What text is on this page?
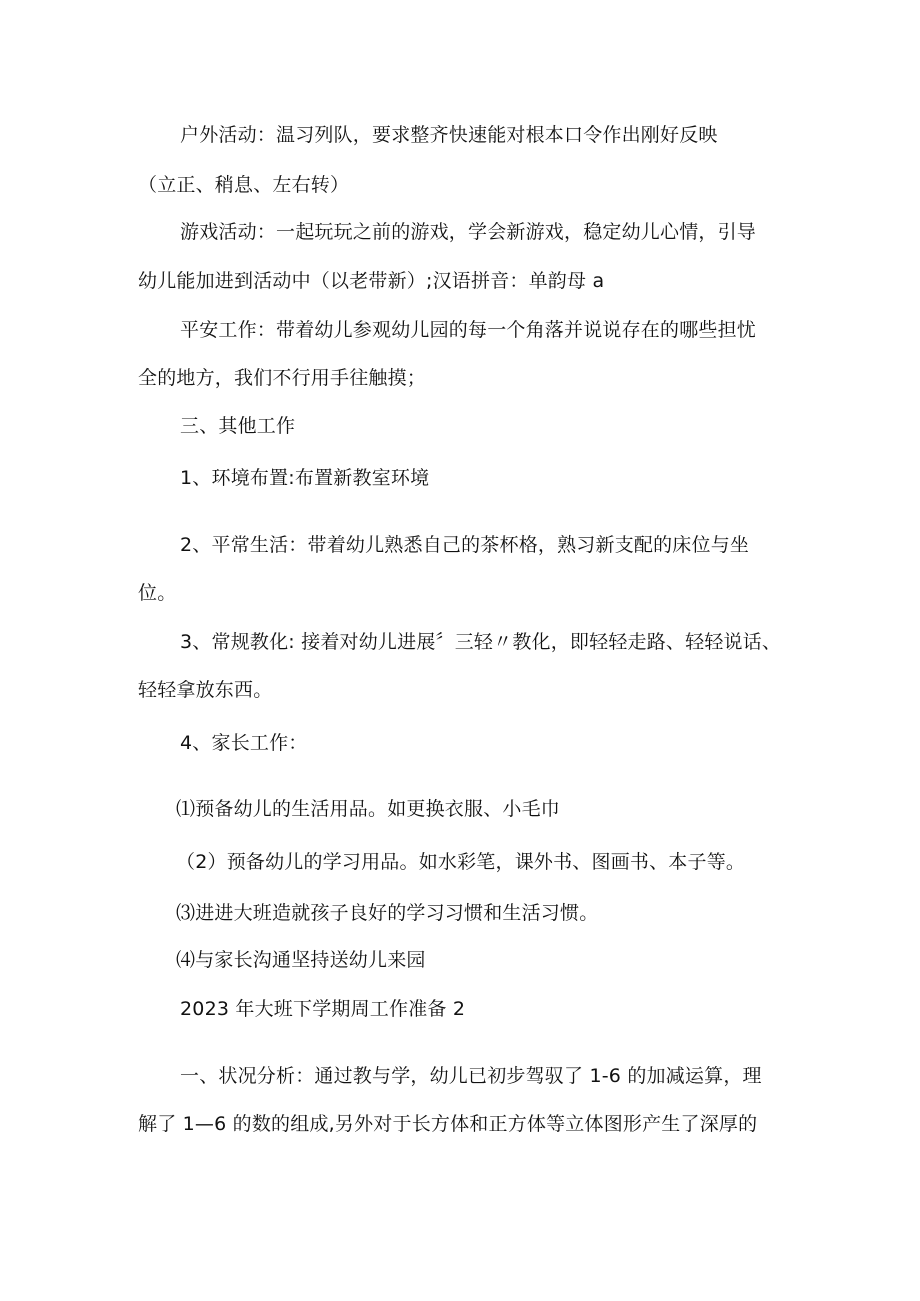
户外活动：温习列队，要求整齐快速能对根本口令作出刚好反映
（立正、稍息、左右转）
游戏活动：一起玩玩之前的游戏，学会新游戏，稳定幼儿心情，引导
幼儿能加进到活动中（以老带新）;汉语拼音：单韵母 a
平安工作：带着幼儿参观幼儿园的每一个角落并说说存在的哪些担忧
全的地方，我们不行用手往触摸；
三、其他工作
1、环境布置:布置新教室环境
2、平常生活：带着幼儿熟悉自己的茶杯格，熟习新支配的床位与坐
位。
3、常规教化: 接着对幼儿进展〞三轻〃教化，即轻轻走路、轻轻说话、
轻轻拿放东西。
4、家长工作：
⑴预备幼儿的生活用品。如更换衣服、小毛巾
（2）预备幼儿的学习用品。如水彩笔，课外书、图画书、本子等。
⑶进进大班造就孩子良好的学习习惯和生活习惯。
⑷与家长沟通坚持送幼儿来园
2023 年大班下学期周工作准备 2
一、状况分析：通过教与学，幼儿已初步驾驭了 1-6 的加减运算，理
解了 1—6 的数的组成,另外对于长方体和正方体等立体图形产生了深厚的
